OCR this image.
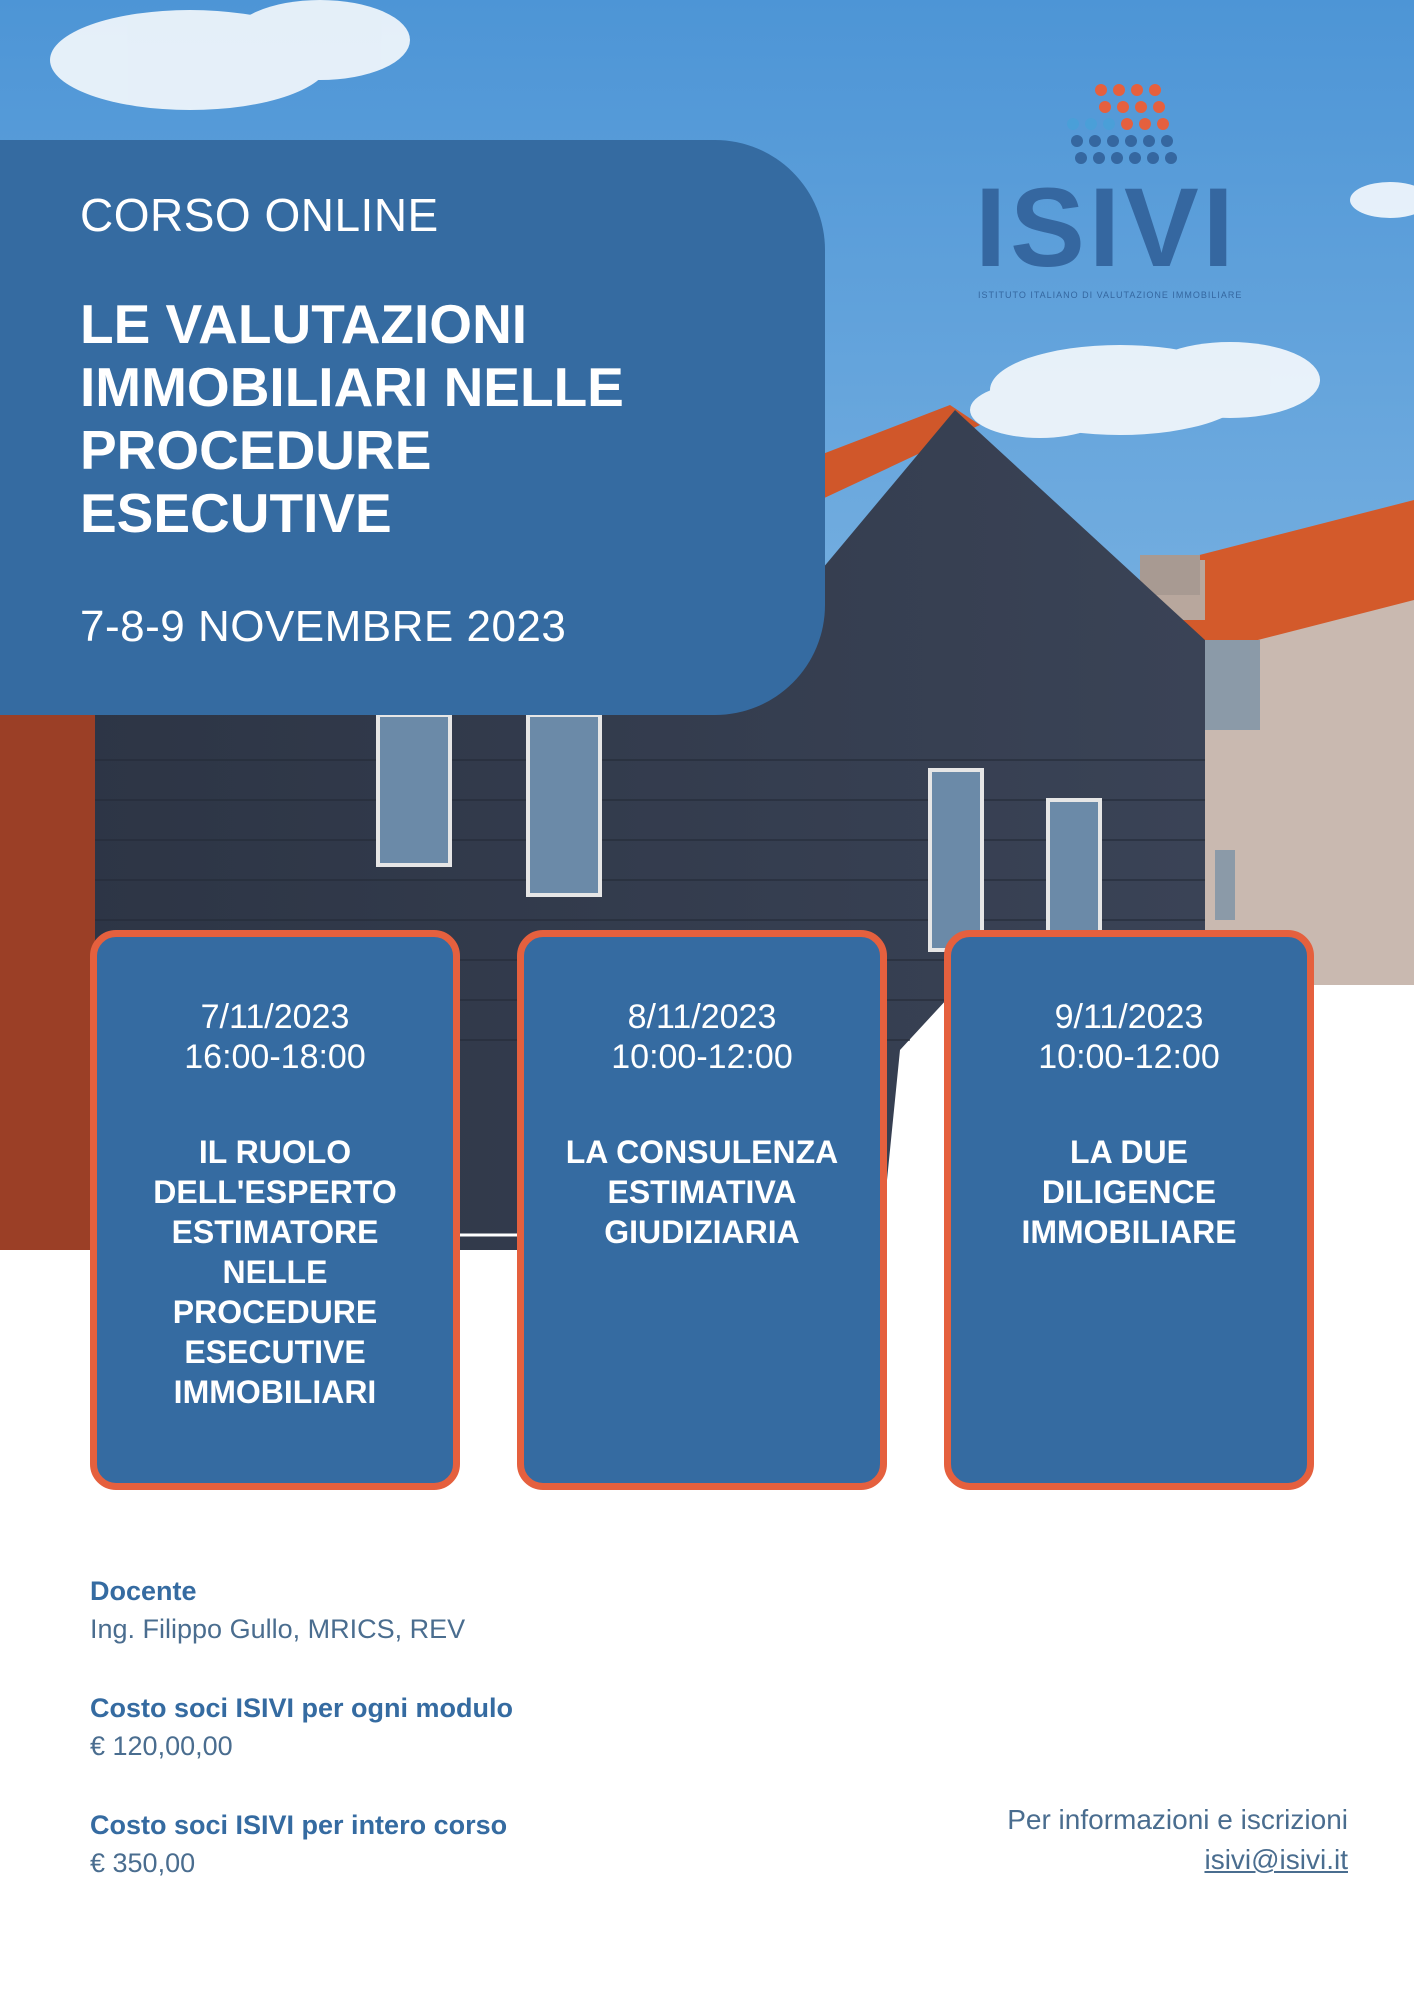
CORSO ONLINE
LE VALUTAZIONI
IMMOBILIARI NELLE
PROCEDURE
ESECUTIVE
7-8-9 NOVEMBRE 2023
ISIVI
ISTITUTO ITALIANO DI VALUTAZIONE IMMOBILIARE
7/11/2023
16:00-18:00
IL RUOLO
DELL'ESPERTO
ESTIMATORE
NELLE
PROCEDURE
ESECUTIVE
IMMOBILIARI
8/11/2023
10:00-12:00
LA CONSULENZA
ESTIMATIVA
GIUDIZIARIA
9/11/2023
10:00-12:00
LA DUE
DILIGENCE
IMMOBILIARE
Docente
Ing. Filippo Gullo, MRICS, REV
Costo soci ISIVI per ogni modulo
€ 120,00,00
Costo soci ISIVI per intero corso
€ 350,00
Per informazioni e iscrizioni
isivi@isivi.it
